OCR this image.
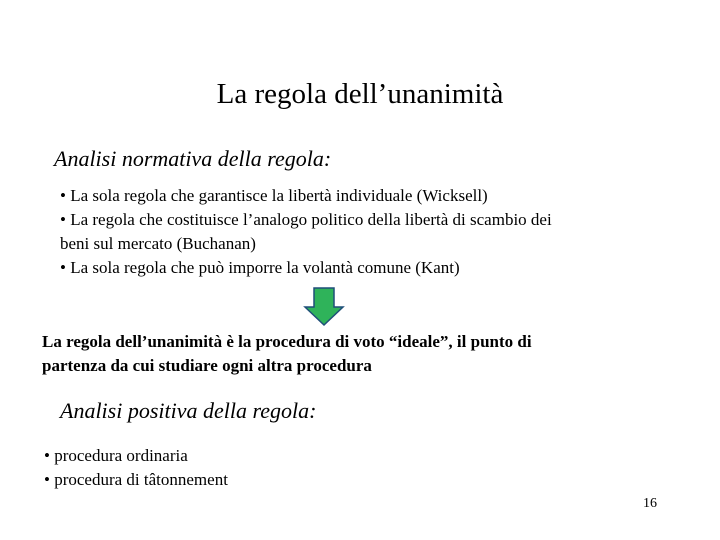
La regola dell’unanimità
Analisi normativa della regola:
• La sola regola che garantisce la libertà individuale (Wicksell)
• La regola che costituisce l’analogo politico della libertà di scambio dei
beni sul mercato (Buchanan)
• La sola regola che può imporre la volantà comune (Kant)
La regola dell’unanimità è la procedura di voto “ideale”, il punto di
partenza da cui studiare ogni altra procedura
Analisi positiva della regola:
• procedura ordinaria
• procedura di tâtonnement
16
